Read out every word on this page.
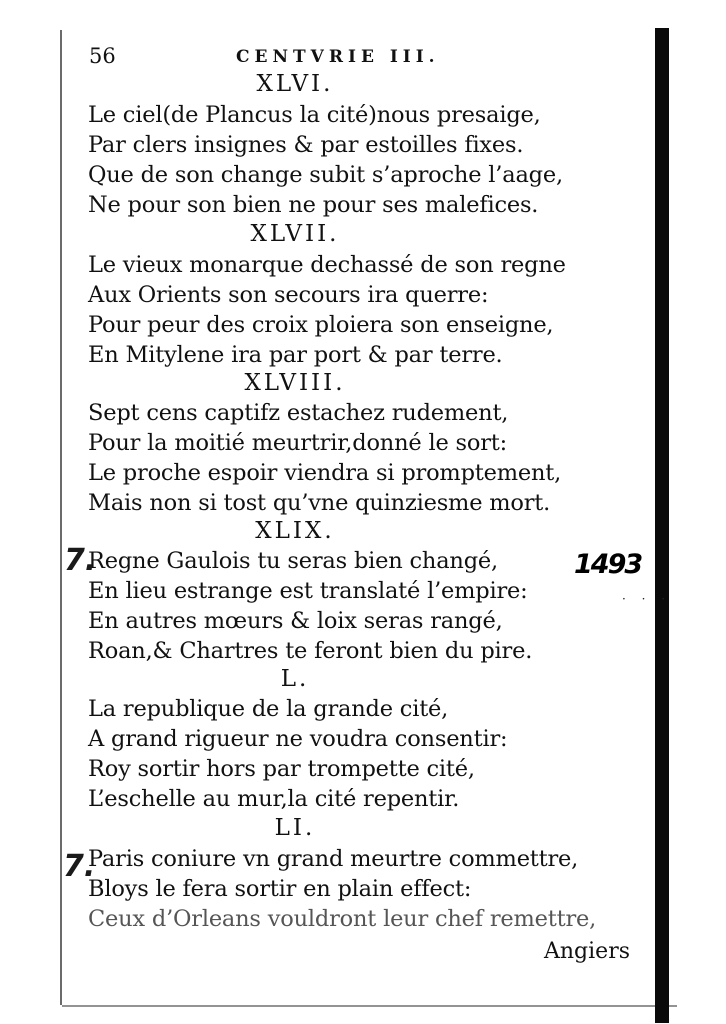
56	CENTVRIE III.
XLVI.
Le ciel(de Plancus la cité)nous presaige,
Par clers insignes & par estoilles fixes.
Que de son change subit s’aproche l’aage,
Ne pour son bien ne pour ses malefices.
XLVII.
Le vieux monarque dechassé de son regne
Aux Orients son secours ira querre:
Pour peur des croix ploiera son enseigne,
En Mitylene ira par port & par terre.
XLVIII.
Sept cens captifz estachez rudement,
Pour la moitié meurtrir,donné le sort:
Le proche espoir viendra si promptement,
Mais non si tost qu’vne quinziesme mort.
XLIX.
Regne Gaulois tu seras bien changé,
En lieu estrange est translaté l’empire:
En autres mœurs & loix seras rangé,
Roan,& Chartres te feront bien du pire.
L.
La republique de la grande cité,
A grand rigueur ne voudra consentir:
Roy sortir hors par trompette cité,
L’eschelle au mur,la cité repentir.
LI.
Paris coniure vn grand meurtre commettre,
Bloys le fera sortir en plain effect:
Ceux d’Orleans vouldront leur chef remettre,
Angiers
7.
7.
1493
· · ·
